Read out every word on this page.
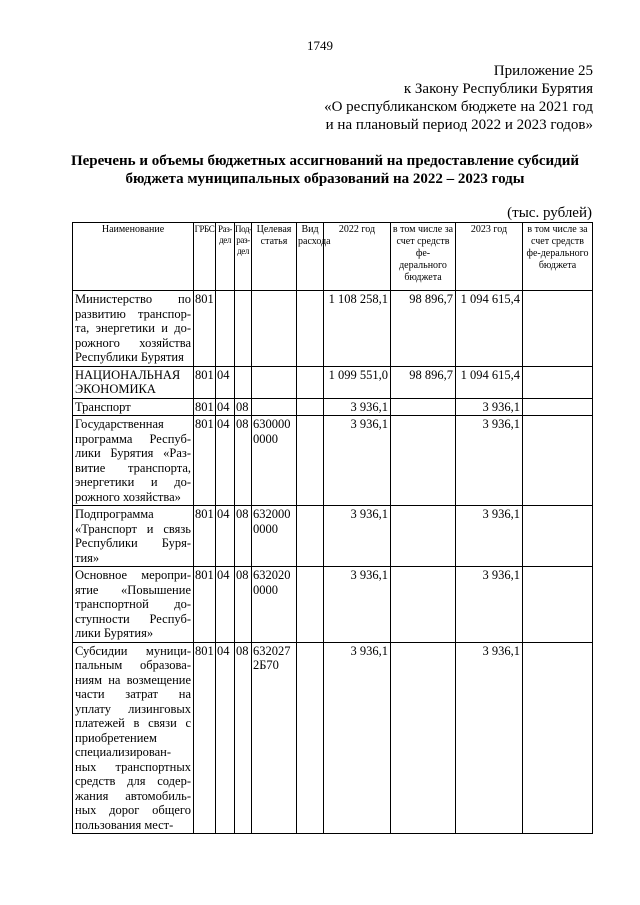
1749
Приложение 25
к Закону Республики Бурятия
«О республиканском бюджете на 2021 год
и на плановый период 2022 и 2023 годов»
Перечень и объемы бюджетных ассигнований на предоставление субсидий
бюджета муниципальных образований на 2022 – 2023 годы
(тыс. рублей)
Наименование	ГРБС	Раз-дел	Под-раз-дел	Целевая статья	Вид расхода	2022 год	в том числе за счет средств фе-дерального бюджета	2023 год	в том числе за счет средств фе-дерального бюджета
Министерство по развитию транспор-та, энергетики и до-рожного хозяйства Республики Бурятия	801					1 108 258,1	98 896,7	1 094 615,4	
НАЦИОНАЛЬНАЯ ЭКОНОМИКА	801	04				1 099 551,0	98 896,7	1 094 615,4	
Транспорт	801	04	08			3 936,1		3 936,1	
Государственная программа Респуб-лики Бурятия «Раз-витие транспорта, энергетики и до-рожного хозяйства»	801	04	08	630000 0000		3 936,1		3 936,1	
Подпрограмма «Транспорт и связь Республики Буря-тия»	801	04	08	632000 0000		3 936,1		3 936,1	
Основное меропри-ятие «Повышение транспортной до-ступности Респуб-лики Бурятия»	801	04	08	632020 0000		3 936,1		3 936,1	
Субсидии муници-пальным образова-ниям на возмещение части затрат на уплату лизинговых платежей в связи с приобретением специализирован-ных транспортных средств для содер-жания автомобиль-ных дорог общего пользования мест-	801	04	08	632027 2Б70		3 936,1		3 936,1	
